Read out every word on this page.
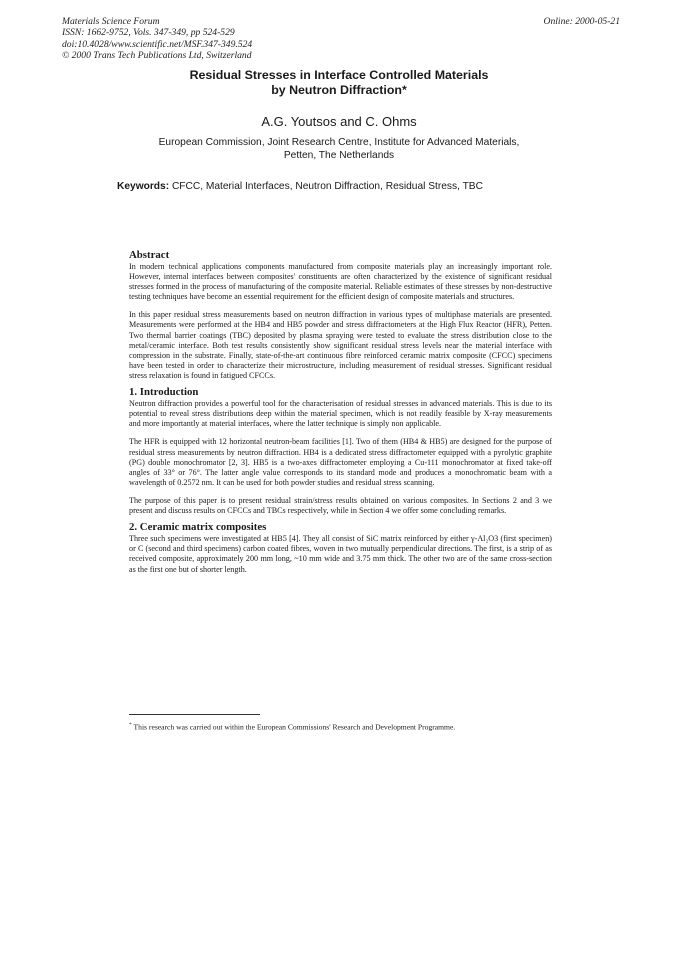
Materials Science Forum
ISSN: 1662-9752, Vols. 347-349, pp 524-529
doi:10.4028/www.scientific.net/MSF.347-349.524
© 2000 Trans Tech Publications Ltd, Switzerland
Online: 2000-05-21
Residual Stresses in Interface Controlled Materials
by Neutron Diffraction*
A.G. Youtsos and C. Ohms
European Commission, Joint Research Centre, Institute for Advanced Materials,
Petten, The Netherlands
Keywords: CFCC, Material Interfaces, Neutron Diffraction, Residual Stress, TBC

Abstract

In modern technical applications components manufactured from composite materials play an increasingly important role. However, internal interfaces between composites' constituents are often characterized by the existence of significant residual stresses formed in the process of manufacturing of the composite material. Reliable estimates of these stresses by non-destructive testing techniques have become an essential requirement for the efficient design of composite materials and structures.

In this paper residual stress measurements based on neutron diffraction in various types of multiphase materials are presented. Measurements were performed at the HB4 and HB5 powder and stress diffractometers at the High Flux Reactor (HFR), Petten. Two thermal barrier coatings (TBC) deposited by plasma spraying were tested to evaluate the stress distribution close to the metal/ceramic interface. Both test results consistently show significant residual stress levels near the material interface with compression in the substrate. Finally, state-of-the-art continuous fibre reinforced ceramic matrix composite (CFCC) specimens have been tested in order to characterize their microstructure, including measurement of residual stresses. Significant residual stress relaxation is found in fatigued CFCCs.

1. Introduction

Neutron diffraction provides a powerful tool for the characterisation of residual stresses in advanced materials. This is due to its potential to reveal stress distributions deep within the material specimen, which is not readily feasible by X-ray measurements and more importantly at material interfaces, where the latter technique is simply non applicable.

The HFR is equipped with 12 horizontal neutron-beam facilities [1]. Two of them (HB4 & HB5) are designed for the purpose of residual stress measurements by neutron diffraction. HB4 is a dedicated stress diffractometer equipped with a pyrolytic graphite (PG) double monochromator [2, 3]. HB5 is a two-axes diffractometer employing a Cu-111 monochromator at fixed take-off angles of 33° or 76°. The latter angle value corresponds to its standard mode and produces a monochromatic beam with a wavelength of 0.2572 nm. It can be used for both powder studies and residual stress scanning.

The purpose of this paper is to present residual strain/stress results obtained on various composites. In Sections 2 and 3 we present and discuss results on CFCCs and TBCs respectively, while in Section 4 we offer some concluding remarks.

2. Ceramic matrix composites

Three such specimens were investigated at HB5 [4]. They all consist of SiC matrix reinforced by either γ-Al₂O3 (first specimen) or C (second and third specimens) carbon coated fibres, woven in two mutually perpendicular directions. The first, is a strip of as received composite, approximately 200 mm long, ~10 mm wide and 3.75 mm thick. The other two are of the same cross-section as the first one but of shorter length.

* This research was carried out within the European Commissions' Research and Development Programme.
